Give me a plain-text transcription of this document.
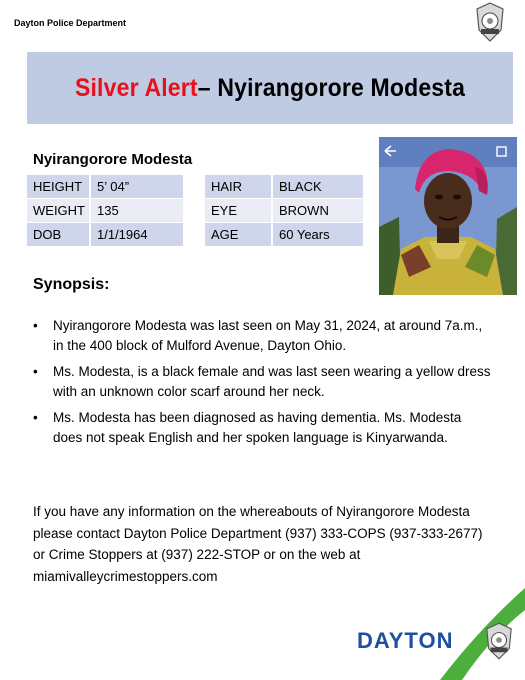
Dayton Police Department
Silver Alert– Nyirangorore Modesta
Nyirangorore Modesta
HEIGHT	5’ 04”
WEIGHT	135
DOB	1/1/1964
HAIR	BLACK
EYE	BROWN
AGE	60 Years
Synopsis:
• Nyirangorore Modesta was last seen on May 31, 2024, at around 7a.m., in the 400 block of Mulford Avenue, Dayton Ohio.
• Ms. Modesta, is a black female and was last seen wearing a yellow dress with an unknown color scarf around her neck.
• Ms. Modesta has been diagnosed as having dementia. Ms. Modesta does not speak English and her spoken language is Kinyarwanda.
If you have any information on the whereabouts of Nyirangorore Modesta please contact Dayton Police Department (937) 333-COPS (937-333-2677) or Crime Stoppers at (937) 222-STOP or on the web at miamivalleycrimestoppers.com
DAYTON
